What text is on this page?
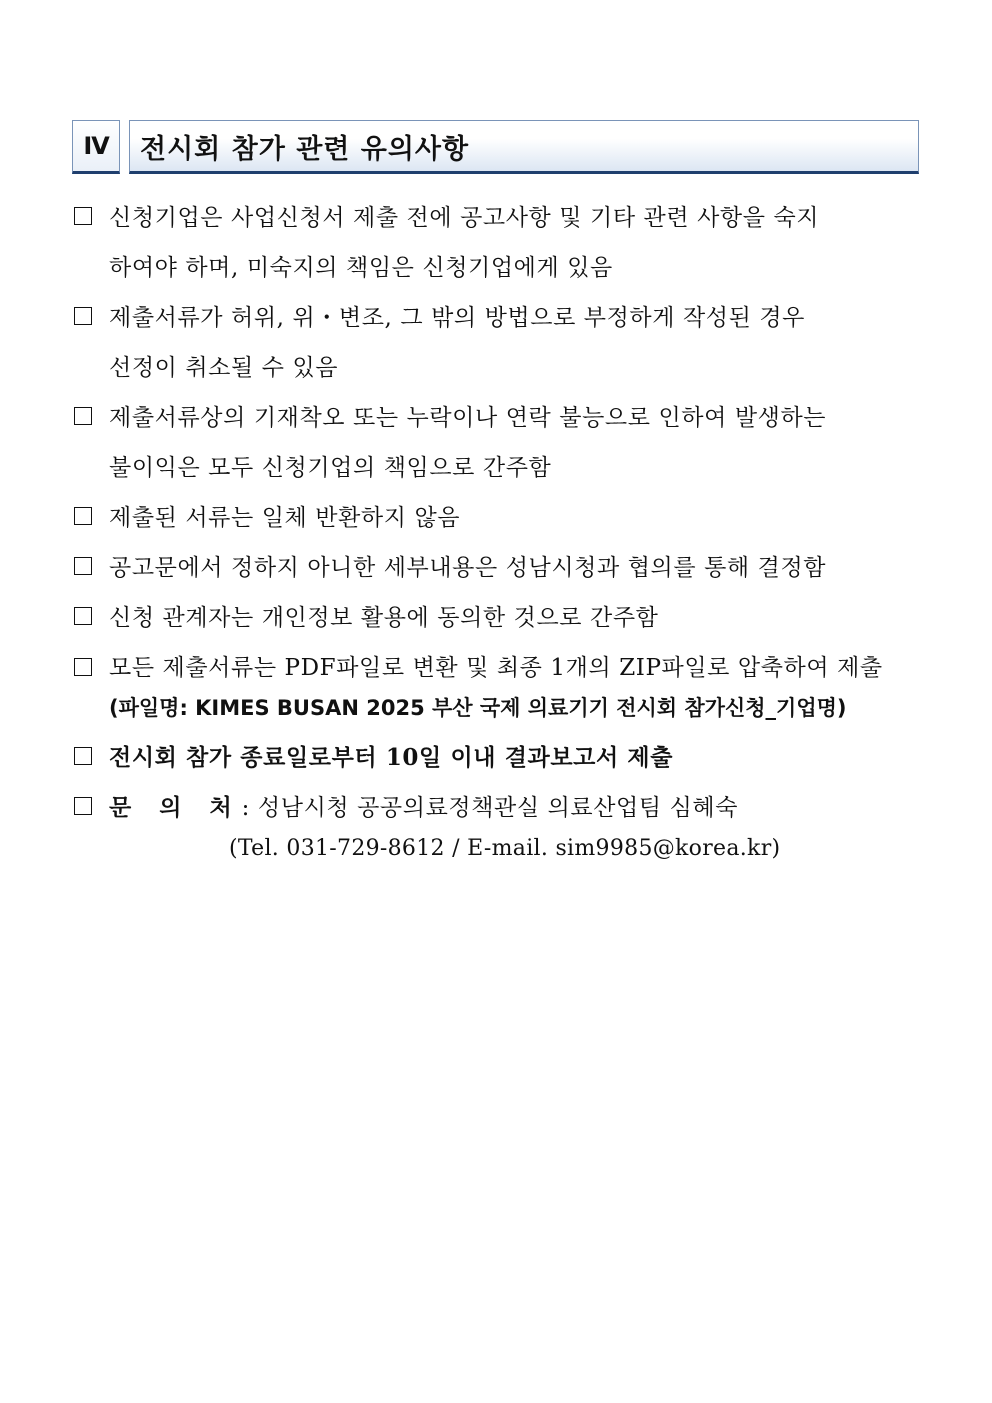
Ⅳ	전시회 참가 관련 유의사항
신청기업은 사업신청서 제출 전에 공고사항 및 기타 관련 사항을 숙지
하여야 하며, 미숙지의 책임은 신청기업에게 있음
제출서류가 허위, 위・변조, 그 밖의 방법으로 부정하게 작성된 경우
선정이 취소될 수 있음
제출서류상의 기재착오 또는 누락이나 연락 불능으로 인하여 발생하는
불이익은 모두 신청기업의 책임으로 간주함
제출된 서류는 일체 반환하지 않음
공고문에서 정하지 아니한 세부내용은 성남시청과 협의를 통해 결정함
신청 관계자는 개인정보 활용에 동의한 것으로 간주함
모든 제출서류는 PDF파일로 변환 및 최종 1개의 ZIP파일로 압축하여 제출
(파일명: KIMES BUSAN 2025 부산 국제 의료기기 전시회 참가신청_기업명)
전시회 참가 종료일로부터 10일 이내 결과보고서 제출
문 의 처: 성남시청 공공의료정책관실 의료산업팀 심혜숙
(Tel. 031-729-8612 / E-mail. sim9985@korea.kr)
